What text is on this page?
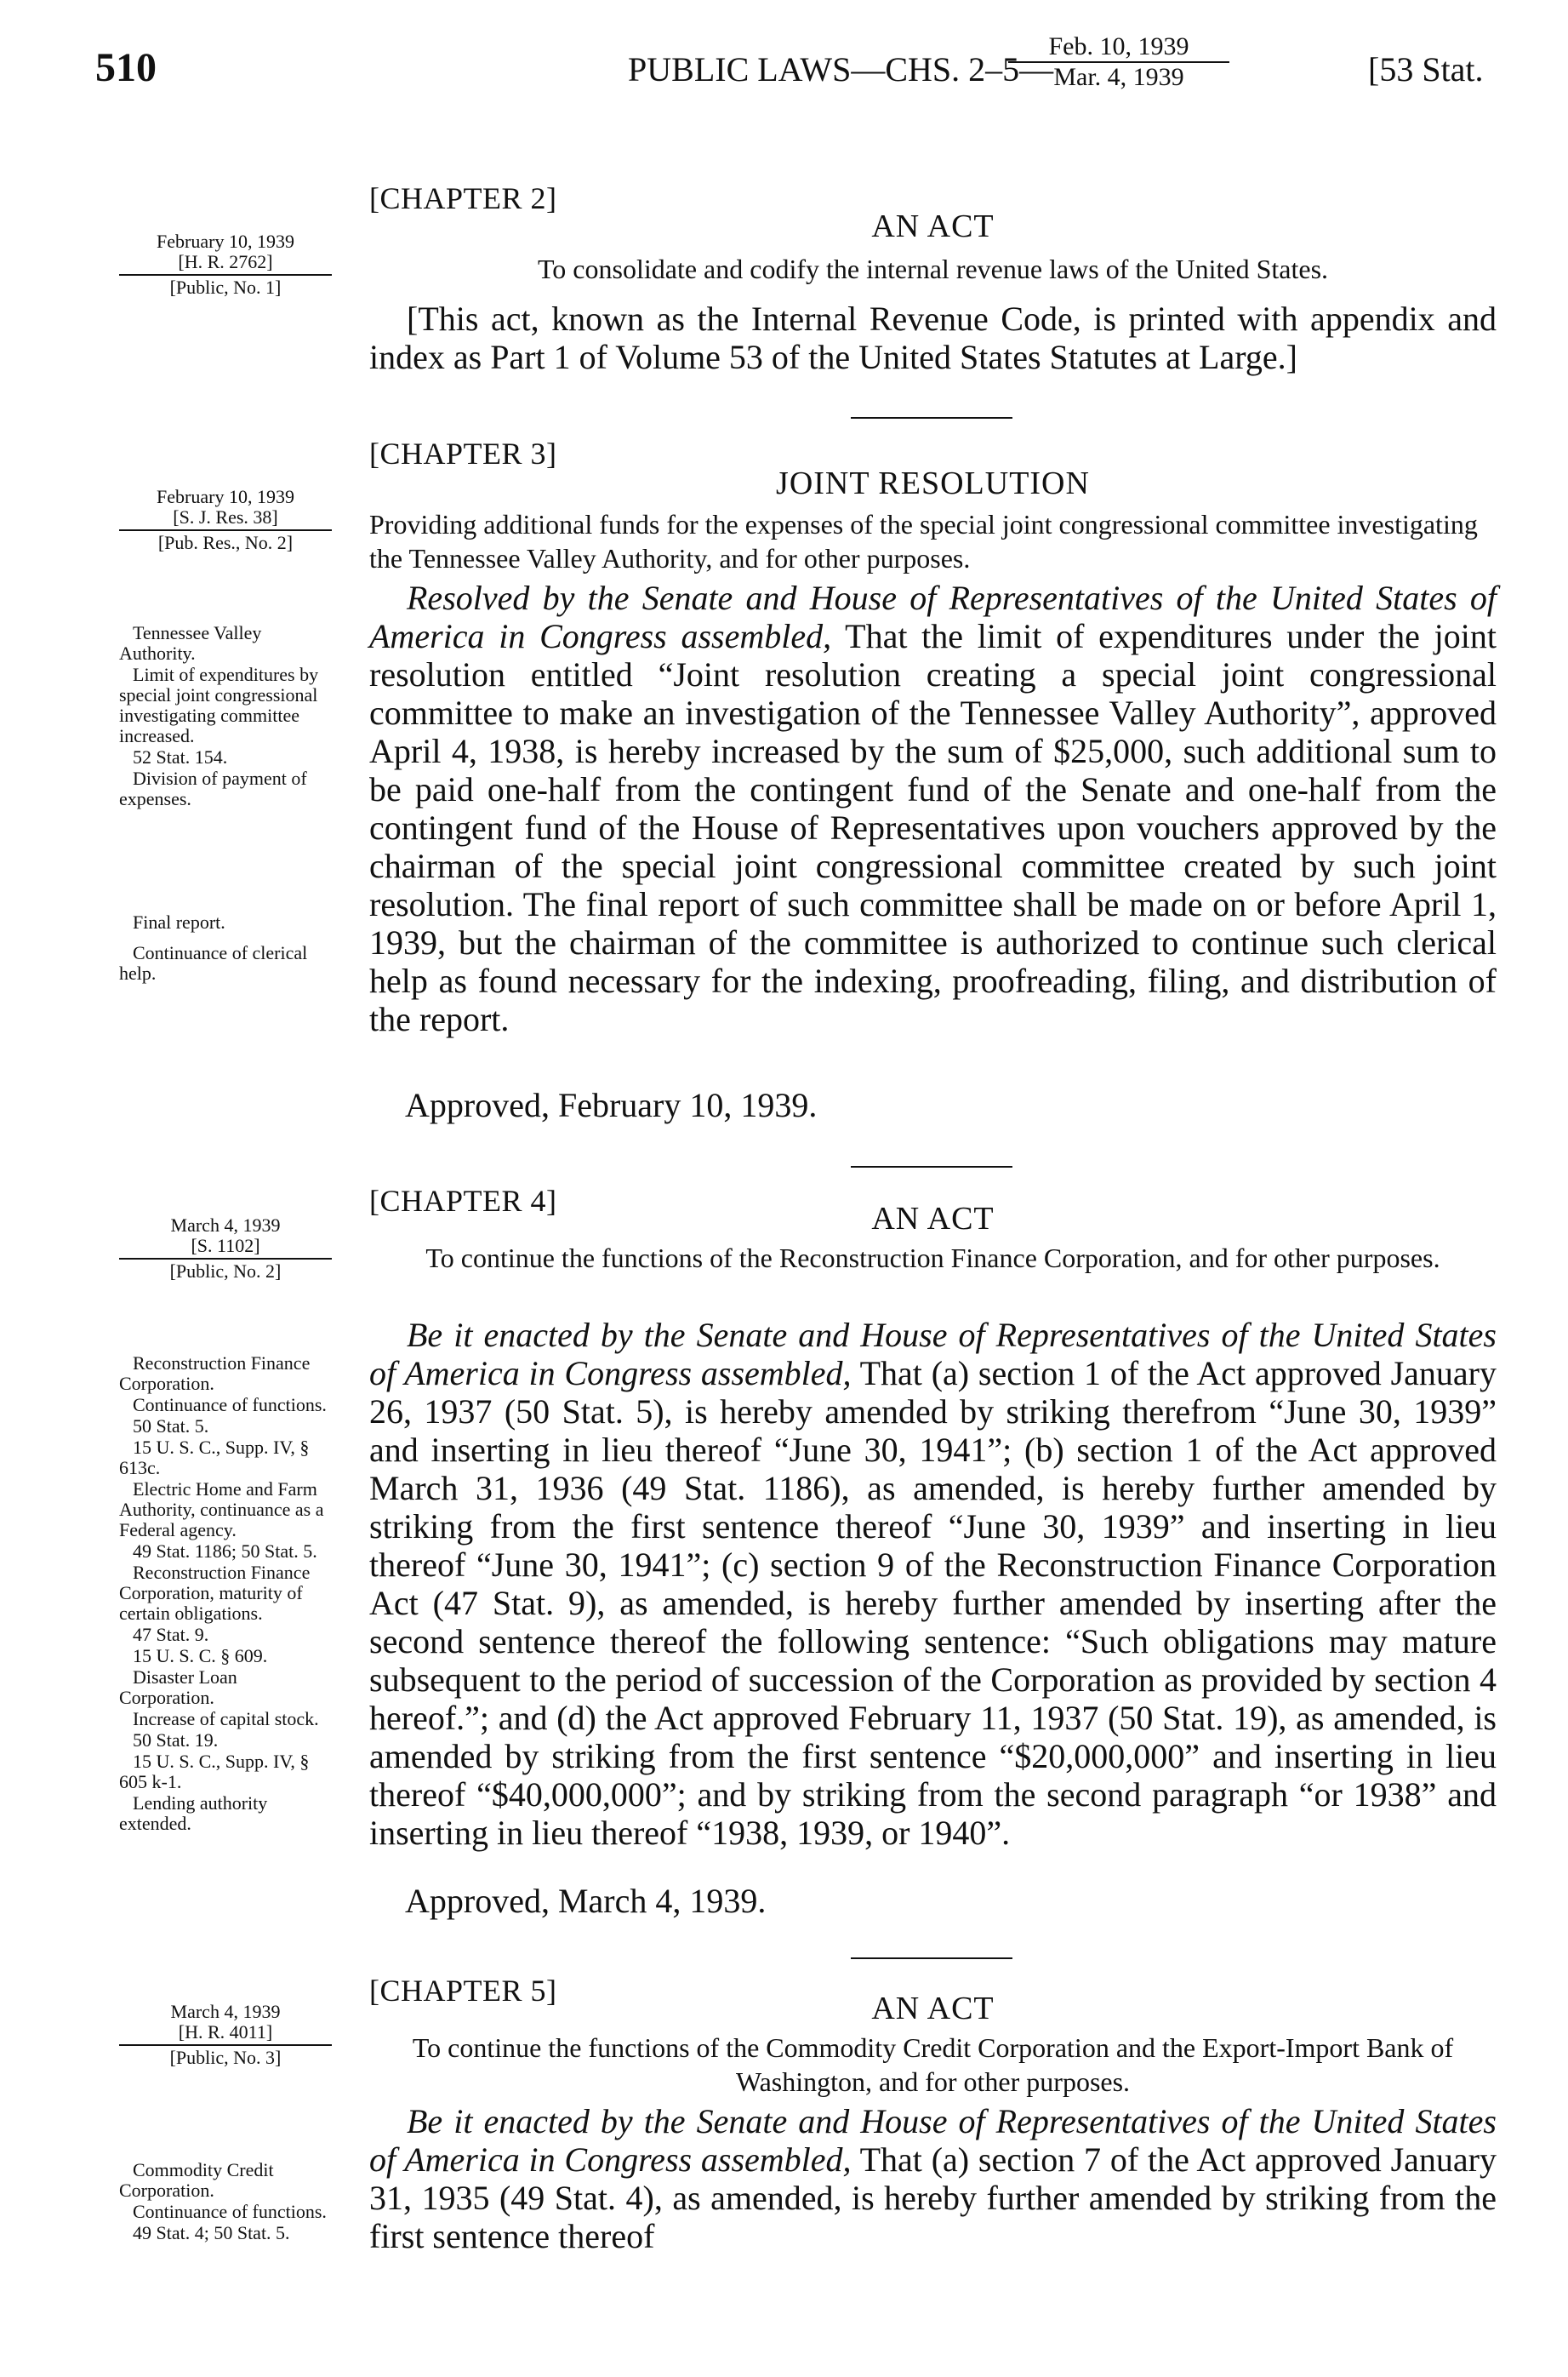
510	PUBLIC LAWS—CHS. 2–5—
Feb. 10, 1939
Mar. 4, 1939	[53 Stat.
[CHAPTER 2]
AN ACT
To consolidate and codify the internal revenue laws of the United States.

[This act, known as the Internal Revenue Code, is printed with appendix and index as Part 1 of Volume 53 of the United States Statutes at Large.]

February 10, 1939
[H. R. 2762]
[Public, No. 1]
[CHAPTER 3]
JOINT RESOLUTION
Providing additional funds for the expenses of the special joint congressional committee investigating the Tennessee Valley Authority, and for other purposes.

Resolved by the Senate and House of Representatives of the United States of America in Congress assembled, That the limit of expenditures under the joint resolution entitled “Joint resolution creating a special joint congressional committee to make an investigation of the Tennessee Valley Authority”, approved April 4, 1938, is hereby increased by the sum of $25,000, such additional sum to be paid one-half from the contingent fund of the Senate and one-half from the contingent fund of the House of Representatives upon vouchers approved by the chairman of the special joint congressional committee created by such joint resolution. The final report of such committee shall be made on or before April 1, 1939, but the chairman of the committee is authorized to continue such clerical help as found necessary for the indexing, proofreading, filing, and distribution of the report.

Approved, February 10, 1939.
February 10, 1939
[S. J. Res. 38]
[Pub. Res., No. 2]
Tennessee Valley Authority.
Limit of expenditures by special joint congressional investigating committee increased.
52 Stat. 154.
Division of payment of expenses.
Final report.
Continuance of clerical help.
[CHAPTER 4]	AN ACT
To continue the functions of the Reconstruction Finance Corporation, and for other purposes.

Be it enacted by the Senate and House of Representatives of the United States of America in Congress assembled, That (a) section 1 of the Act approved January 26, 1937 (50 Stat. 5), is hereby amended by striking therefrom “June 30, 1939” and inserting in lieu thereof “June 30, 1941”; (b) section 1 of the Act approved March 31, 1936 (49 Stat. 1186), as amended, is hereby further amended by striking from the first sentence thereof “June 30, 1939” and inserting in lieu thereof “June 30, 1941”; (c) section 9 of the Reconstruction Finance Corporation Act (47 Stat. 9), as amended, is hereby further amended by inserting after the second sentence thereof the following sentence: “Such obligations may mature subsequent to the period of succession of the Corporation as provided by section 4 hereof.”; and (d) the Act approved February 11, 1937 (50 Stat. 19), as amended, is amended by striking from the first sentence “$20,000,000” and inserting in lieu thereof “$40,000,000”; and by striking from the second paragraph “or 1938” and inserting in lieu thereof “1938, 1939, or 1940”.

Approved, March 4, 1939.
March 4, 1939
[S. 1102]
[Public, No. 2]
Reconstruction Finance Corporation.
Continuance of functions.
50 Stat. 5.
15 U. S. C., Supp. IV, § 613c.
Electric Home and Farm Authority, continuance as a Federal agency.
49 Stat. 1186; 50 Stat. 5.
Reconstruction Finance Corporation, maturity of certain obligations.
47 Stat. 9.
15 U. S. C. § 609.
Disaster Loan Corporation.
Increase of capital stock.
50 Stat. 19.
15 U. S. C., Supp. IV, § 605 k-1.
Lending authority extended.
[CHAPTER 5]	AN ACT
To continue the functions of the Commodity Credit Corporation and the Export-Import Bank of Washington, and for other purposes.

Be it enacted by the Senate and House of Representatives of the United States of America in Congress assembled, That (a) section 7 of the Act approved January 31, 1935 (49 Stat. 4), as amended, is hereby further amended by striking from the first sentence thereof

March 4, 1939
[H. R. 4011]
[Public, No. 3]
Commodity Credit Corporation.
Continuance of functions.
49 Stat. 4; 50 Stat. 5.
